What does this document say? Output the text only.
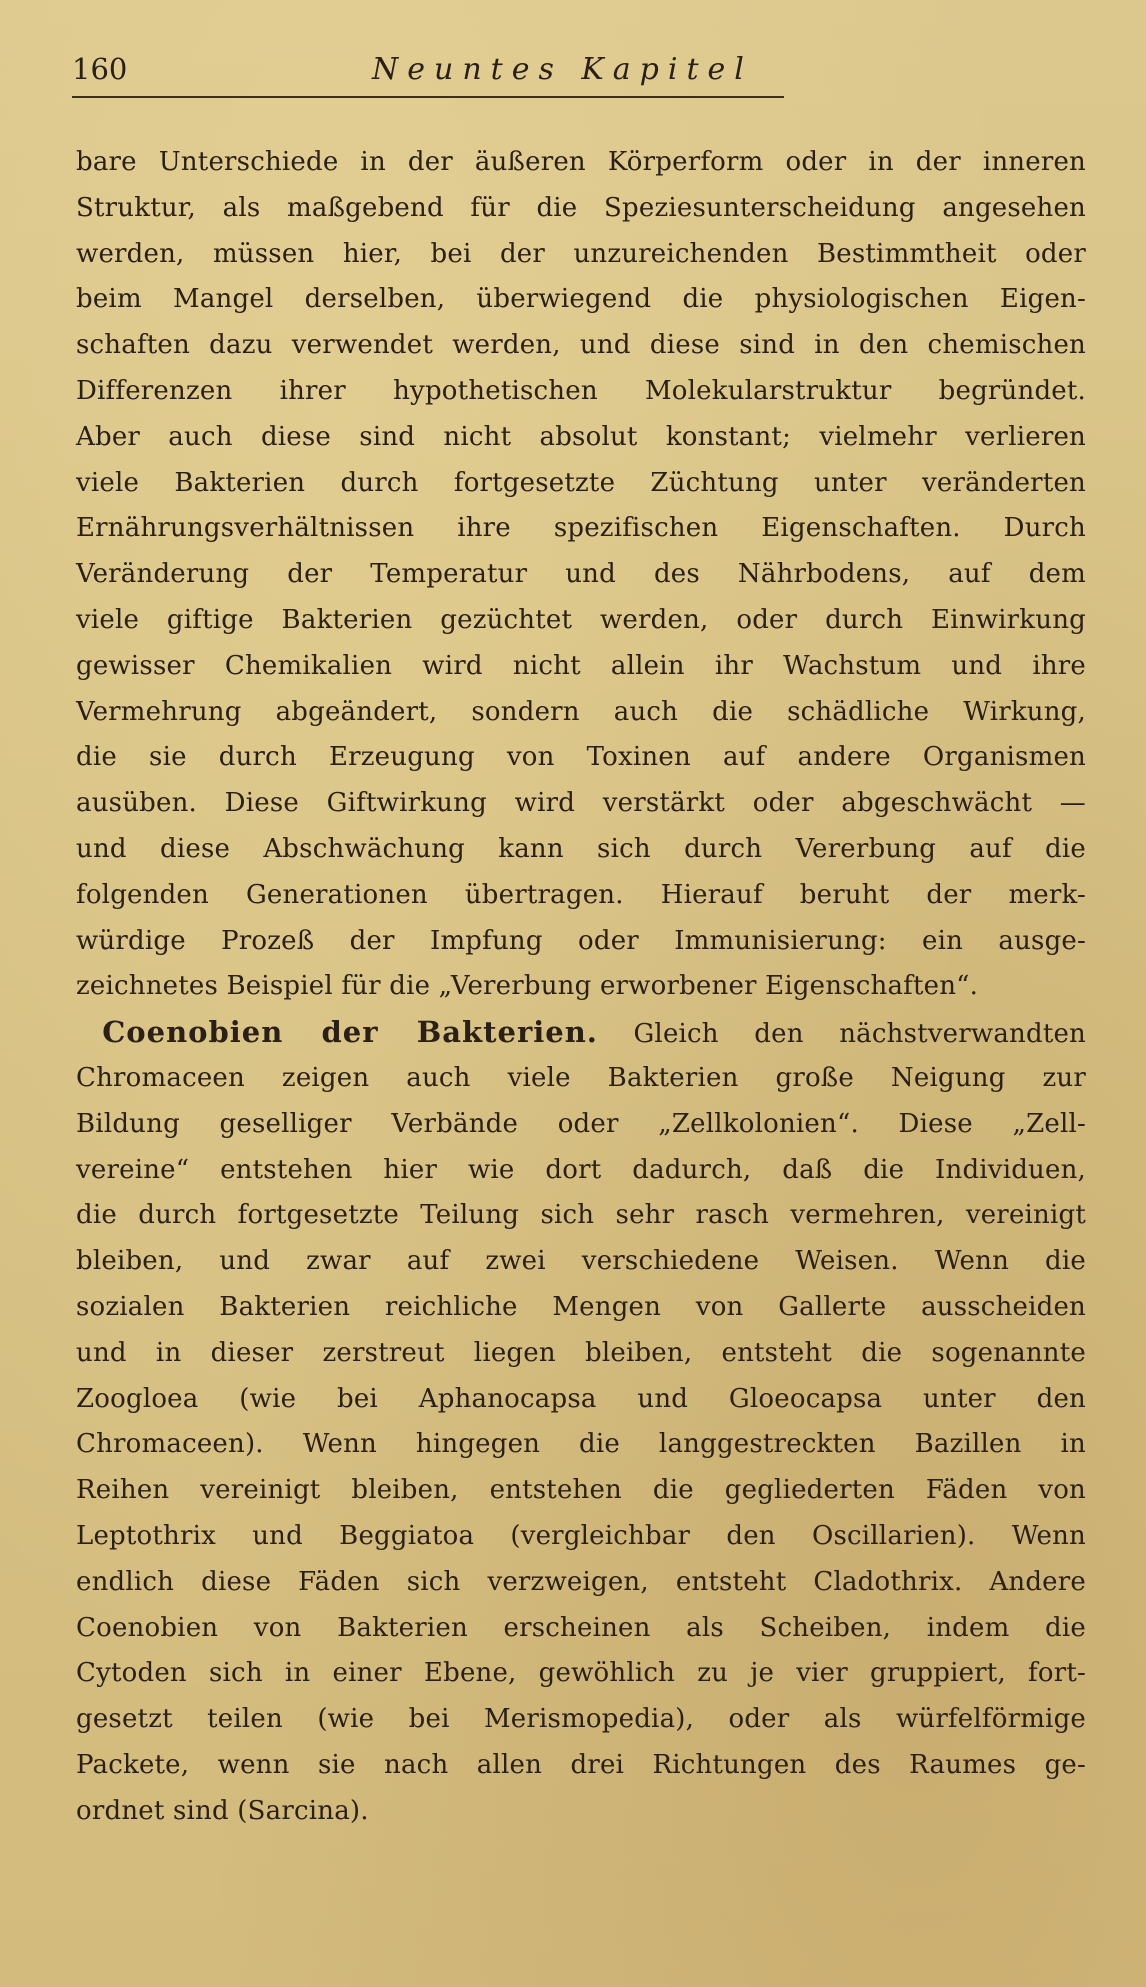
160	Neuntes Kapitel
bare Unterschiede in der äußeren Körperform oder in der inneren
Struktur, als maßgebend für die Speziesunterscheidung angesehen
werden, müssen hier, bei der unzureichenden Bestimmtheit oder
beim Mangel derselben, überwiegend die physiologischen Eigen-
schaften dazu verwendet werden, und diese sind in den chemischen
Differenzen ihrer hypothetischen Molekularstruktur begründet.
Aber auch diese sind nicht absolut konstant; vielmehr verlieren
viele Bakterien durch fortgesetzte Züchtung unter veränderten
Ernährungsverhältnissen ihre spezifischen Eigenschaften. Durch
Veränderung der Temperatur und des Nährbodens, auf dem
viele giftige Bakterien gezüchtet werden, oder durch Einwirkung
gewisser Chemikalien wird nicht allein ihr Wachstum und ihre
Vermehrung abgeändert, sondern auch die schädliche Wirkung,
die sie durch Erzeugung von Toxinen auf andere Organismen
ausüben. Diese Giftwirkung wird verstärkt oder abgeschwächt —
und diese Abschwächung kann sich durch Vererbung auf die
folgenden Generationen übertragen. Hierauf beruht der merk-
würdige Prozeß der Impfung oder Immunisierung: ein ausge-
zeichnetes Beispiel für die „Vererbung erworbener Eigenschaften“.
 Coenobien der Bakterien. Gleich den nächstverwandten
Chromaceen zeigen auch viele Bakterien große Neigung zur
Bildung geselliger Verbände oder „Zellkolonien“. Diese „Zell-
vereine“ entstehen hier wie dort dadurch, daß die Individuen,
die durch fortgesetzte Teilung sich sehr rasch vermehren, vereinigt
bleiben, und zwar auf zwei verschiedene Weisen. Wenn die
sozialen Bakterien reichliche Mengen von Gallerte ausscheiden
und in dieser zerstreut liegen bleiben, entsteht die sogenannte
Zoogloea (wie bei Aphanocapsa und Gloeocapsa unter den
Chromaceen). Wenn hingegen die langgestreckten Bazillen in
Reihen vereinigt bleiben, entstehen die gegliederten Fäden von
Leptothrix und Beggiatoa (vergleichbar den Oscillarien). Wenn
endlich diese Fäden sich verzweigen, entsteht Cladothrix. Andere
Coenobien von Bakterien erscheinen als Scheiben, indem die
Cytoden sich in einer Ebene, gewöhlich zu je vier gruppiert, fort-
gesetzt teilen (wie bei Merismopedia), oder als würfelförmige
Packete, wenn sie nach allen drei Richtungen des Raumes ge-
ordnet sind (Sarcina).
